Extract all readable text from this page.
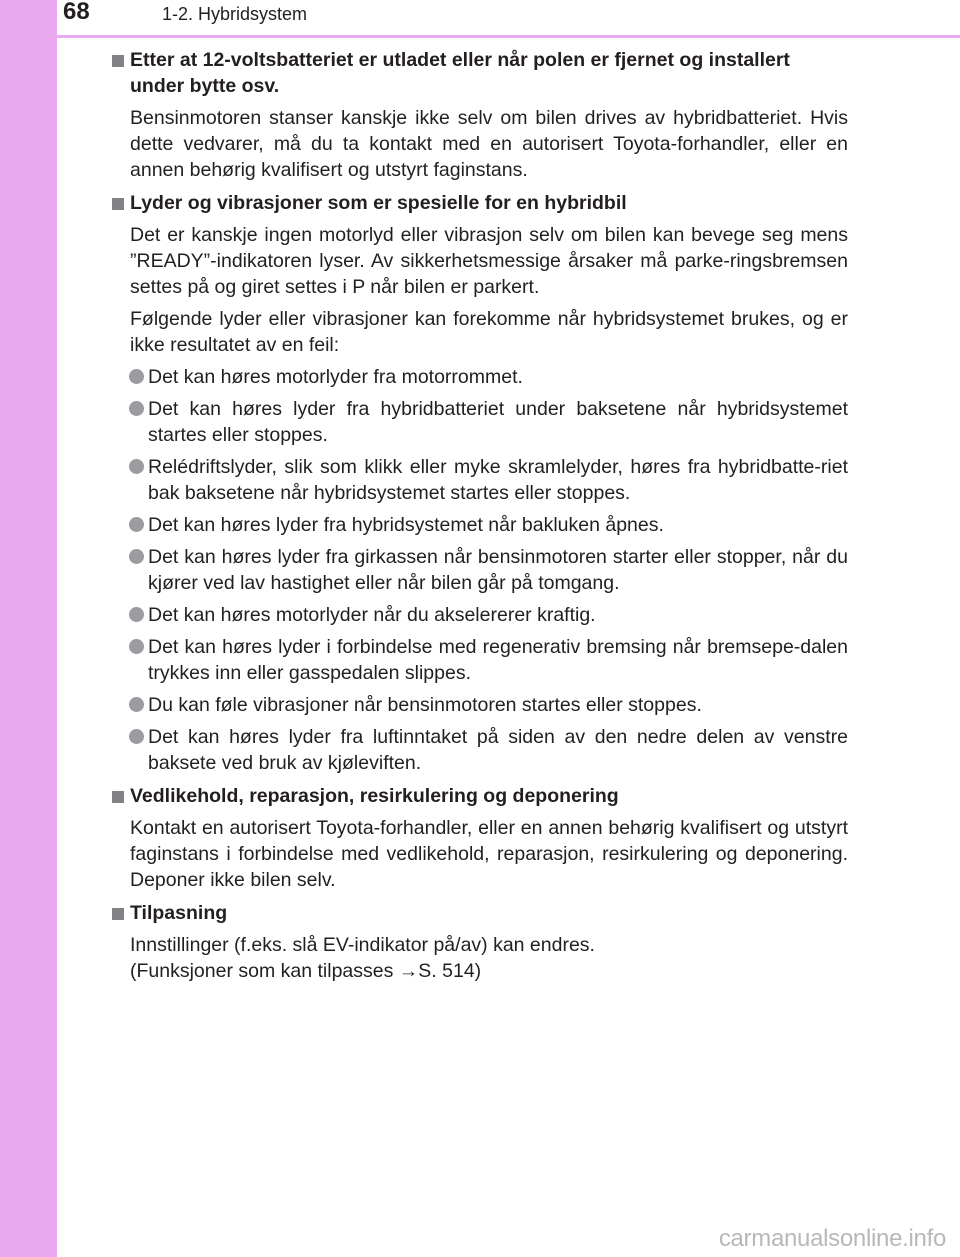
68	1-2. Hybridsystem
Etter at 12-voltsbatteriet er utladet eller når polen er fjernet og installert under bytte osv.
Bensinmotoren stanser kanskje ikke selv om bilen drives av hybridbatteriet. Hvis dette vedvarer, må du ta kontakt med en autorisert Toyota-forhandler, eller en annen behørig kvalifisert og utstyrt faginstans.
Lyder og vibrasjoner som er spesielle for en hybridbil
Det er kanskje ingen motorlyd eller vibrasjon selv om bilen kan bevege seg mens ”READY”-indikatoren lyser. Av sikkerhetsmessige årsaker må parke-ringsbremsen settes på og giret settes i P når bilen er parkert.
Følgende lyder eller vibrasjoner kan forekomme når hybridsystemet brukes, og er ikke resultatet av en feil:
Det kan høres motorlyder fra motorrommet.
Det kan høres lyder fra hybridbatteriet under baksetene når hybridsystemet startes eller stoppes.
Relédriftslyder, slik som klikk eller myke skramlelyder, høres fra hybridbatte-riet bak baksetene når hybridsystemet startes eller stoppes.
Det kan høres lyder fra hybridsystemet når bakluken åpnes.
Det kan høres lyder fra girkassen når bensinmotoren starter eller stopper, når du kjører ved lav hastighet eller når bilen går på tomgang.
Det kan høres motorlyder når du akselererer kraftig.
Det kan høres lyder i forbindelse med regenerativ bremsing når bremsepe-dalen trykkes inn eller gasspedalen slippes.
Du kan føle vibrasjoner når bensinmotoren startes eller stoppes.
Det kan høres lyder fra luftinntaket på siden av den nedre delen av venstre baksete ved bruk av kjøleviften.
Vedlikehold, reparasjon, resirkulering og deponering
Kontakt en autorisert Toyota-forhandler, eller en annen behørig kvalifisert og utstyrt faginstans i forbindelse med vedlikehold, reparasjon, resirkulering og deponering. Deponer ikke bilen selv.
Tilpasning
Innstillinger (f.eks. slå EV-indikator på/av) kan endres.
(Funksjoner som kan tilpasses →S. 514)
carmanualsonline.info
